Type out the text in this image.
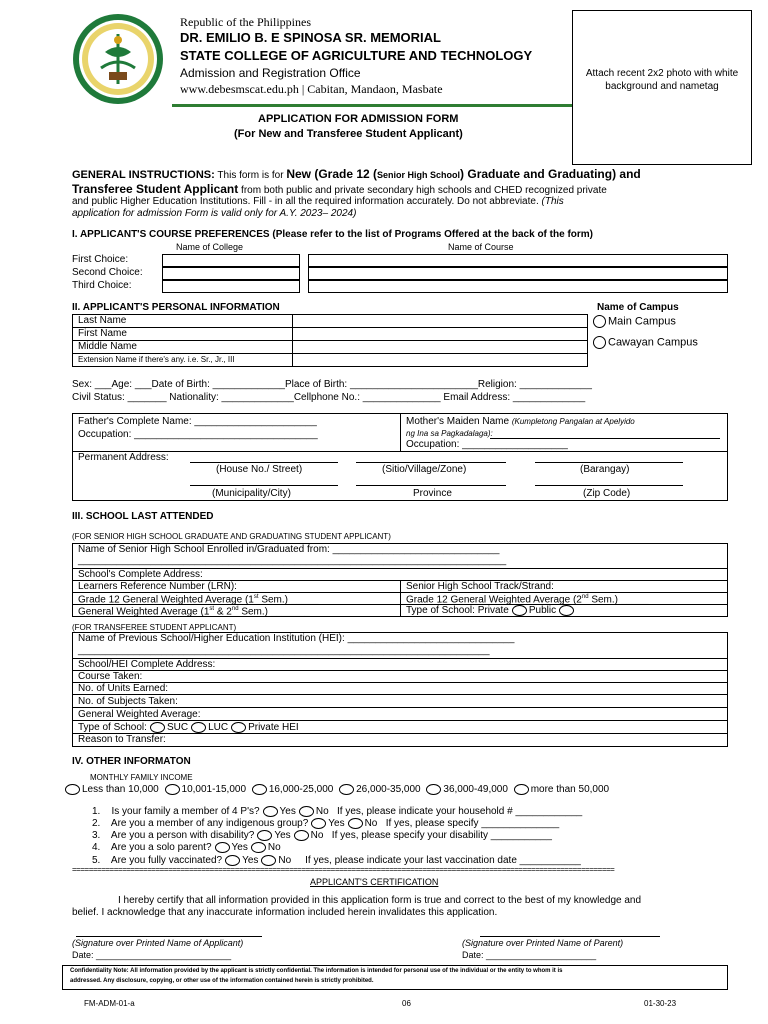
Republic of the Philippines
DR. EMILIO B. E SPINOSA SR. MEMORIAL
STATE COLLEGE OF AGRICULTURE AND TECHNOLOGY
Admission and Registration Office
www.debesmscat.edu.ph | Cabitan, Mandaon, Masbate
Attach recent 2x2 photo with white background and nametag
APPLICATION FOR ADMISSION FORM
(For New and Transferee Student Applicant)
GENERAL INSTRUCTIONS: This form is for New (Grade 12 (Senior High School) Graduate and Graduating) and
Transferee Student Applicant from both public and private secondary high schools and CHED recognized private
and public Higher Education Institutions. Fill - in all the required information accurately. Do not abbreviate. (This
application for admission Form is valid only for A.Y. 2023– 2024)
I. APPLICANT'S COURSE PREFERENCES (Please refer to the list of Programs Offered at the back of the form)
Name of College	Name of Course
First Choice:
Second Choice:
Third Choice:
II. APPLICANT'S PERSONAL INFORMATION	Name of Campus
Main Campus
Cawayan Campus
Last Name
First Name
Middle Name
Extension Name if there's any. i.e. Sr., Jr., III
Sex: ___Age: ___Date of Birth: _____________Place of Birth: _______________________Religion: _____________
Civil Status: _______ Nationality: _____________Cellphone No.: ______________ Email Address: _____________
Father's Complete Name: ______________________
Occupation: _________________________________
Mother's Maiden Name (Kumpletong Pangalan at Apelyido
ng Ina sa Pagkadalaga):
Occupation: ___________________
Permanent Address:
(House No./ Street)	(Sitio/Village/Zone)	(Barangay)
(Municipality/City)	Province	(Zip Code)
III. SCHOOL LAST ATTENDED
(FOR SENIOR HIGH SCHOOL GRADUATE AND GRADUATING STUDENT APPLICANT)
Name of Senior High School Enrolled in/Graduated from: ______________________________
_____________________________________________________________________________
School's Complete Address:
Learners Reference Number (LRN):	Senior High School Track/Strand:
Grade 12 General Weighted Average (1st Sem.) _____	Grade 12 General Weighted Average (2nd Sem.) _____
General Weighted Average (1st & 2nd Sem.) _______	Type of School: Private Public
(FOR TRANSFEREE STUDENT APPLICANT)
Name of Previous School/Higher Education Institution (HEI): ______________________________
__________________________________________________________________________
School/HEI Complete Address:
Course Taken:
No. of Units Earned:
No. of Subjects Taken:
General Weighted Average:
Type of School: SUC LUC Private HEI
Reason to Transfer:
IV. OTHER INFORMATON
MONTHLY FAMILY INCOME
Less than 10,000 10,001-15,000 16,000-25,000 26,000-35,000 36,000-49,000 more than 50,000
1. Is your family a member of 4 P's? Yes No If yes, please indicate your household # ____________
2. Are you a member of any indigenous group? Yes No If yes, please specify ______________
3. Are you a person with disability? Yes No If yes, please specify your disability ___________
4. Are you a solo parent? Yes No
5. Are you fully vaccinated? Yes No If yes, please indicate your last vaccination date ___________
==================================================================================================================================
APPLICANT'S CERTIFICATION
I hereby certify that all information provided in this application form is true and correct to the best of my knowledge and
belief. I acknowledge that any inaccurate information included herein invalidates this application.
(Signature over Printed Name of Applicant)	(Signature over Printed Name of Parent)
Date: ___________________________	Date: ______________________
Confidentiality Note: All information provided by the applicant is strictly confidential. The information is intended for personal use of the individual or the entity to whom it is
addressed. Any disclosure, copying, or other use of the information contained herein is strictly prohibited.
FM-ADM-01-a	06	01-30-23
